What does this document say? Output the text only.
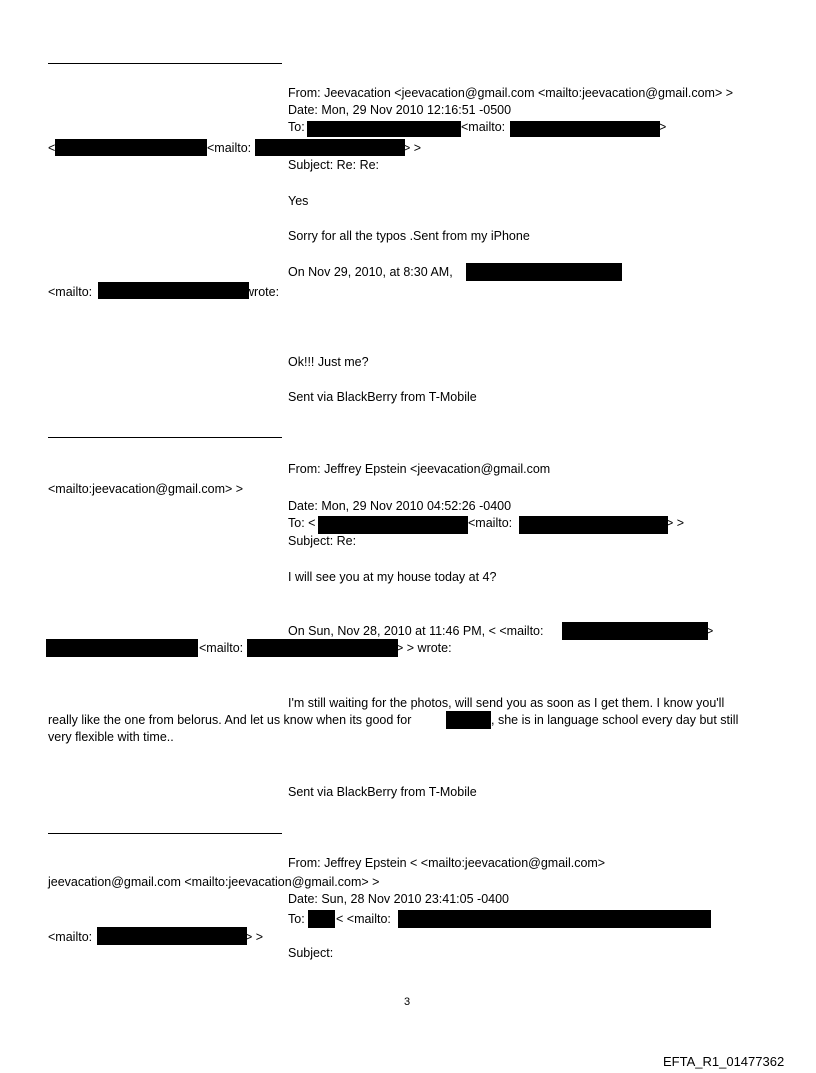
From: Jeevacation <jeevacation@gmail.com <mailto:jeevacation@gmail.com> >
Date: Mon, 29 Nov 2010 12:16:51 -0500
To:	<mailto:	>
<	<mailto:	> >
Subject: Re: Re:
Yes
Sorry for all the typos .Sent from my iPhone
On Nov 29, 2010, at 8:30 AM,
<mailto:	wrote:
Ok!!! Just me?
Sent via BlackBerry from T-Mobile
From: Jeffrey Epstein <jeevacation@gmail.com
<mailto:jeevacation@gmail.com> >
Date: Mon, 29 Nov 2010 04:52:26 -0400
To: <	<mailto:	> >
Subject: Re:
I will see you at my house today at 4?
On Sun, Nov 28, 2010 at 11:46 PM, < <mailto:	>
<mailto:	> > wrote:
I'm still waiting for the photos, will send you as soon as I get them. I know you'll
really like the one from belorus. And let us know when its good for	, she is in language school every day but still
very flexible with time..
Sent via BlackBerry from T-Mobile
From: Jeffrey Epstein < <mailto:jeevacation@gmail.com>
jeevacation@gmail.com <mailto:jeevacation@gmail.com> >
Date: Sun, 28 Nov 2010 23:41:05 -0400
To:	< <mailto:
<mailto:	> >
Subject:
3
EFTA_R1_01477362
